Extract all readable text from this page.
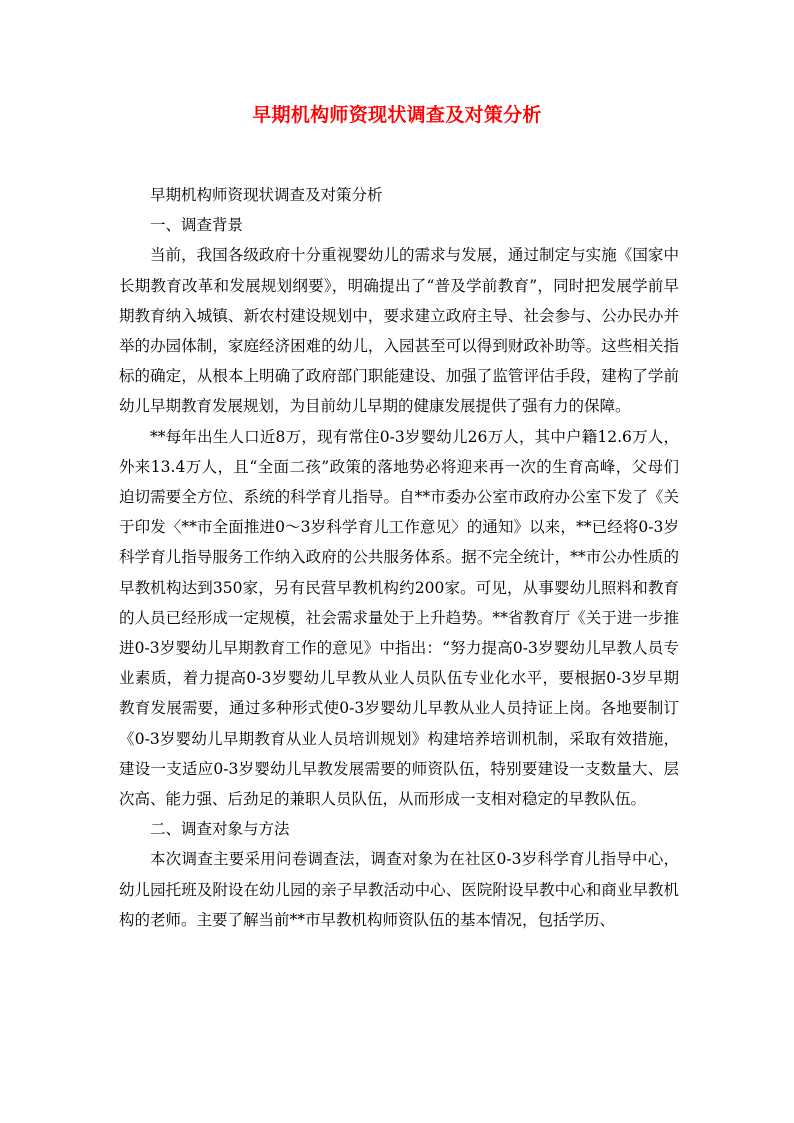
早期机构师资现状调查及对策分析

早期机构师资现状调查及对策分析

一、调查背景

当前，我国各级政府十分重视婴幼儿的需求与发展，通过制定与实施《国家中长期教育改革和发展规划纲要》，明确提出了“普及学前教育”，同时把发展学前早期教育纳入城镇、新农村建设规划中，要求建立政府主导、社会参与、公办民办并举的办园体制，家庭经济困难的幼儿，入园甚至可以得到财政补助等。这些相关指标的确定，从根本上明确了政府部门职能建设、加强了监管评估手段，建构了学前幼儿早期教育发展规划，为目前幼儿早期的健康发展提供了强有力的保障。

**每年出生人口近8万，现有常住0-3岁婴幼儿26万人，其中户籍12.6万人，外来13.4万人，且“全面二孩”政策的落地势必将迎来再一次的生育高峰，父母们迫切需要全方位、系统的科学育儿指导。自**市委办公室市政府办公室下发了《关于印发〈**市全面推进0～3岁科学育儿工作意见〉的通知》以来，**已经将0-3岁科学育儿指导服务工作纳入政府的公共服务体系。据不完全统计，**市公办性质的早教机构达到350家，另有民营早教机构约200家。可见，从事婴幼儿照料和教育的人员已经形成一定规模，社会需求量处于上升趋势。**省教育厅《关于进一步推进0-3岁婴幼儿早期教育工作的意见》中指出：“努力提高0-3岁婴幼儿早教人员专业素质，着力提高0-3岁婴幼儿早教从业人员队伍专业化水平，要根据0-3岁早期教育发展需要，通过多种形式使0-3岁婴幼儿早教从业人员持证上岗。各地要制订《0-3岁婴幼儿早期教育从业人员培训规划》构建培养培训机制，采取有效措施，建设一支适应0-3岁婴幼儿早教发展需要的师资队伍，特别要建设一支数量大、层次高、能力强、后劲足的兼职人员队伍，从而形成一支相对稳定的早教队伍。

二、调查对象与方法

本次调查主要采用问卷调查法，调查对象为在社区0-3岁科学育儿指导中心，幼儿园托班及附设在幼儿园的亲子早教活动中心、医院附设早教中心和商业早教机构的老师。主要了解当前**市早教机构师资队伍的基本情况，包括学历、
